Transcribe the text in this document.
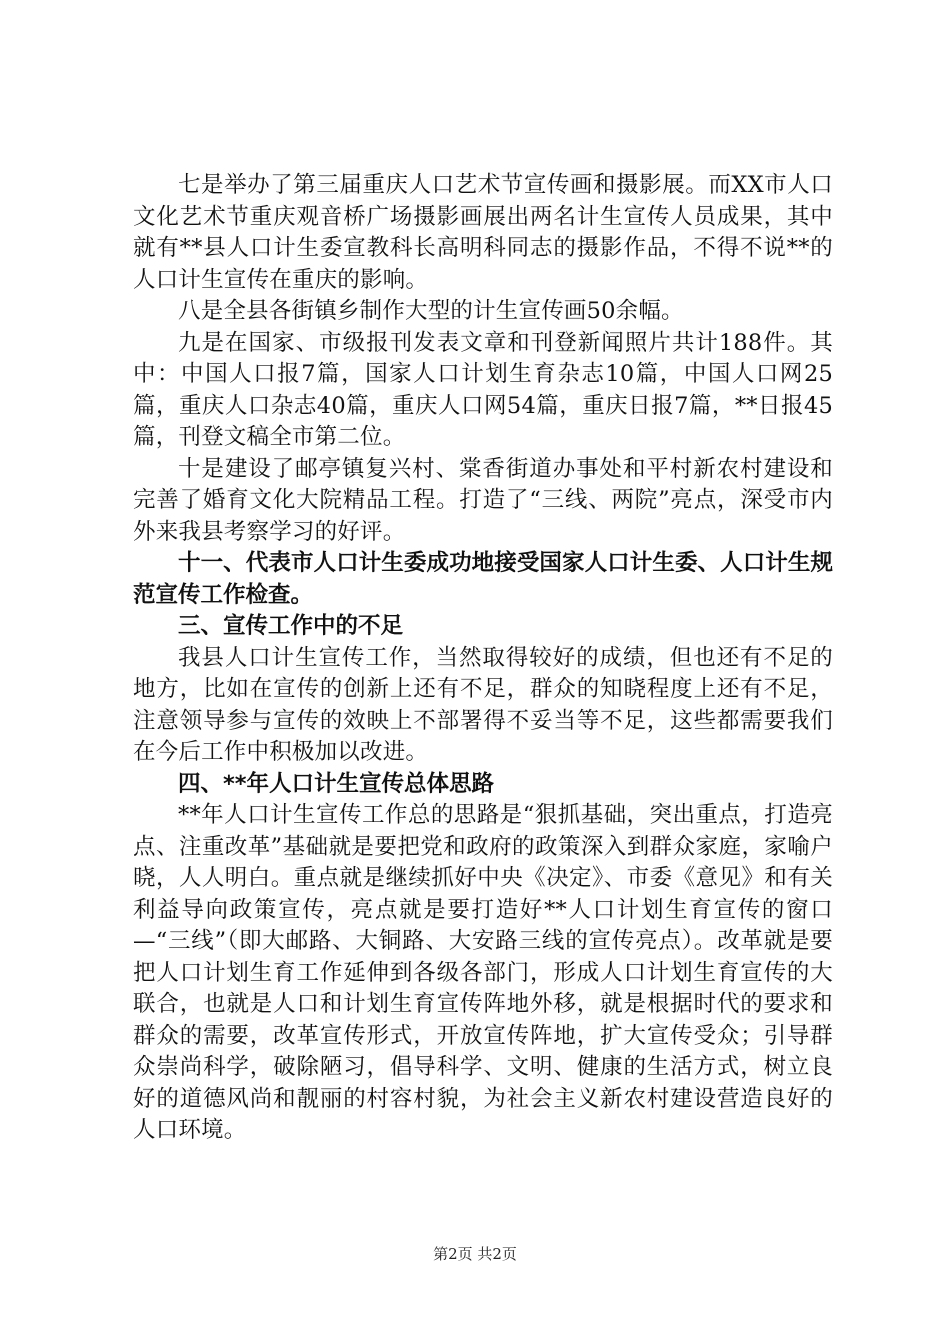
七是举办了第三届重庆人口艺术节宣传画和摄影展。而XX市人口文化艺术节重庆观音桥广场摄影画展出两名计生宣传人员成果，其中就有**县人口计生委宣教科长高明科同志的摄影作品，不得不说**的人口计生宣传在重庆的影响。

八是全县各街镇乡制作大型的计生宣传画50余幅。

九是在国家、市级报刊发表文章和刊登新闻照片共计188件。其中：中国人口报7篇，国家人口计划生育杂志10篇，中国人口网25篇，重庆人口杂志40篇，重庆人口网54篇，重庆日报7篇，**日报45篇，刊登文稿全市第二位。

十是建设了邮亭镇复兴村、棠香街道办事处和平村新农村建设和完善了婚育文化大院精品工程。打造了“三线、两院”亮点，深受市内外来我县考察学习的好评。

十一、代表市人口计生委成功地接受国家人口计生委、人口计生规范宣传工作检查。

三、宣传工作中的不足

我县人口计生宣传工作，当然取得较好的成绩，但也还有不足的地方，比如在宣传的创新上还有不足，群众的知晓程度上还有不足，注意领导参与宣传的效映上不部署得不妥当等不足，这些都需要我们在今后工作中积极加以改进。

四、**年人口计生宣传总体思路

**年人口计生宣传工作总的思路是“狠抓基础，突出重点，打造亮点、注重改革”基础就是要把党和政府的政策深入到群众家庭，家喻户晓，人人明白。重点就是继续抓好中央《决定》、市委《意见》和有关利益导向政策宣传，亮点就是要打造好**人口计划生育宣传的窗口—“三线”（即大邮路、大铜路、大安路三线的宣传亮点）。改革就是要把人口计划生育工作延伸到各级各部门，形成人口计划生育宣传的大联合，也就是人口和计划生育宣传阵地外移，就是根据时代的要求和群众的需要，改革宣传形式，开放宣传阵地，扩大宣传受众；引导群众崇尚科学，破除陋习，倡导科学、文明、健康的生活方式，树立良好的道德风尚和靓丽的村容村貌，为社会主义新农村建设营造良好的人口环境。

第2页 共2页
